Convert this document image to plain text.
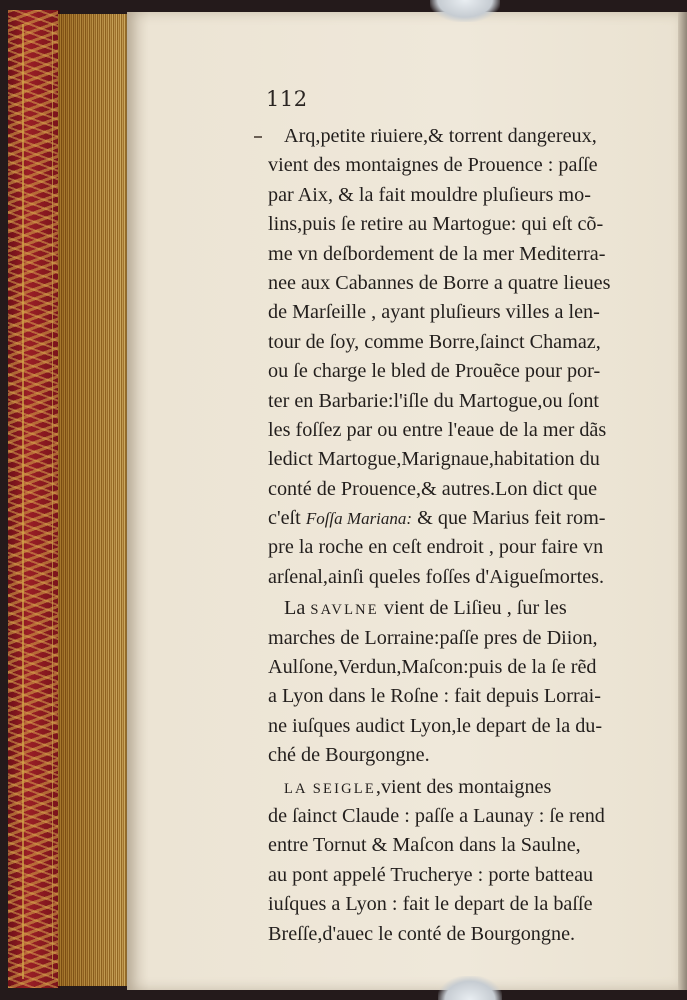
112
Arq,petite riuiere,& torrent dangereux,
vient des montaignes de Prouence : paſſe
par Aix, & la fait mouldre pluſieurs mo-
lins,puis ſe retire au Martogue: qui eſt cõ-
me vn deſbordement de la mer Mediterra-
nee aux Cabannes de Borre a quatre lieues
de Marſeille , ayant pluſieurs villes a len-
tour de ſoy, comme Borre,ſainct Chamaz,
ou ſe charge le bled de Prouẽce pour por-
ter en Barbarie:l'iſle du Martogue,ou ſont
les foſſez par ou entre l'eaue de la mer dãs
ledict Martogue,Marignaue,habitation du
conté de Prouence,& autres.Lon dict que
c'eſt Foſſa Mariana: & que Marius feit rom-
pre la roche en ceſt endroit , pour faire vn
arſenal,ainſi queles foſſes d'Aigueſmortes.
La SAVLNE vient de Liſieu , ſur les
marches de Lorraine:paſſe pres de Diion,
Aulſone,Verdun,Maſcon:puis de la ſe rẽd
a Lyon dans le Roſne : fait depuis Lorrai-
ne iuſques audict Lyon,le depart de la du-
ché de Bourgongne.
LA SEIGLE,vient des montaignes
de ſainct Claude : paſſe a Launay : ſe rend
entre Tornut & Maſcon dans la Saulne,
au pont appelé Trucherye : porte batteau
iuſques a Lyon : fait le depart de la baſſe
Breſſe,d'auec le conté de Bourgongne.
